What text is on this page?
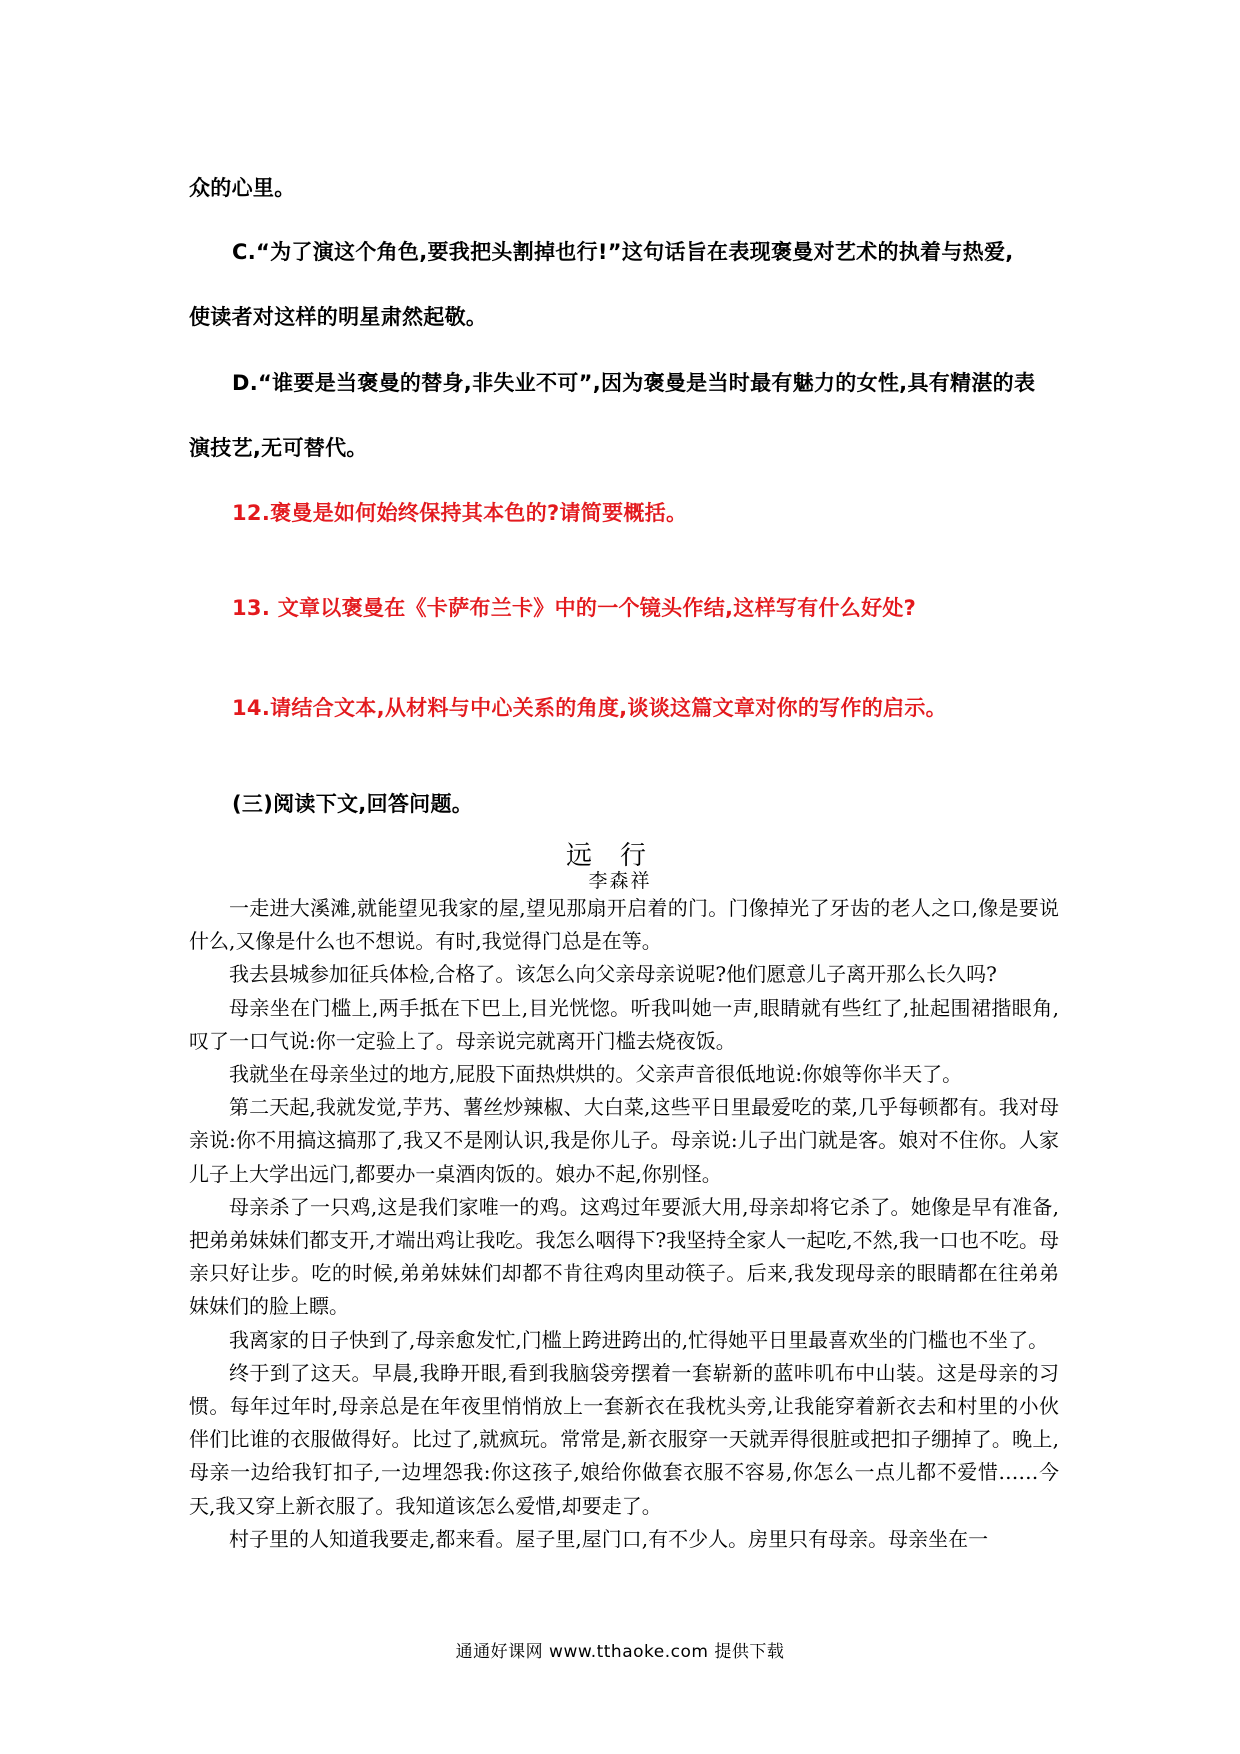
众的心里。
C.“为了演这个角色,要我把头割掉也行!”这句话旨在表现褒曼对艺术的执着与热爱,
使读者对这样的明星肃然起敬。
D.“谁要是当褒曼的替身,非失业不可”,因为褒曼是当时最有魅力的女性,具有精湛的表
演技艺,无可替代。
12.褒曼是如何始终保持其本色的?请简要概括。
13. 文章以褒曼在《卡萨布兰卡》中的一个镜头作结,这样写有什么好处?
14.请结合文本,从材料与中心关系的角度,谈谈这篇文章对你的写作的启示。
(三)阅读下文,回答问题。
远行
李森祥

一走进大溪滩,就能望见我家的屋,望见那扇开启着的门。门像掉光了牙齿的老人之口,像是要说什么,又像是什么也不想说。有时,我觉得门总是在等。

我去县城参加征兵体检,合格了。该怎么向父亲母亲说呢?他们愿意儿子离开那么长久吗?

母亲坐在门槛上,两手抵在下巴上,目光恍惚。听我叫她一声,眼睛就有些红了,扯起围裙揩眼角,叹了一口气说:你一定验上了。母亲说完就离开门槛去烧夜饭。

我就坐在母亲坐过的地方,屁股下面热烘烘的。父亲声音很低地说:你娘等你半天了。

第二天起,我就发觉,芋艿、薯丝炒辣椒、大白菜,这些平日里最爱吃的菜,几乎每顿都有。我对母亲说:你不用搞这搞那了,我又不是刚认识,我是你儿子。母亲说:儿子出门就是客。娘对不住你。人家儿子上大学出远门,都要办一桌酒肉饭的。娘办不起,你别怪。

母亲杀了一只鸡,这是我们家唯一的鸡。这鸡过年要派大用,母亲却将它杀了。她像是早有准备,把弟弟妹妹们都支开,才端出鸡让我吃。我怎么咽得下?我坚持全家人一起吃,不然,我一口也不吃。母亲只好让步。吃的时候,弟弟妹妹们却都不肯往鸡肉里动筷子。后来,我发现母亲的眼睛都在往弟弟妹妹们的脸上瞟。

我离家的日子快到了,母亲愈发忙,门槛上跨进跨出的,忙得她平日里最喜欢坐的门槛也不坐了。

终于到了这天。早晨,我睁开眼,看到我脑袋旁摆着一套崭新的蓝咔叽布中山装。这是母亲的习惯。每年过年时,母亲总是在年夜里悄悄放上一套新衣在我枕头旁,让我能穿着新衣去和村里的小伙伴们比谁的衣服做得好。比过了,就疯玩。常常是,新衣服穿一天就弄得很脏或把扣子绷掉了。晚上,母亲一边给我钉扣子,一边埋怨我:你这孩子,娘给你做套衣服不容易,你怎么一点儿都不爱惜……今天,我又穿上新衣服了。我知道该怎么爱惜,却要走了。

村子里的人知道我要走,都来看。屋子里,屋门口,有不少人。房里只有母亲。母亲坐在一

通通好课网 www.tthaoke.com 提供下载
